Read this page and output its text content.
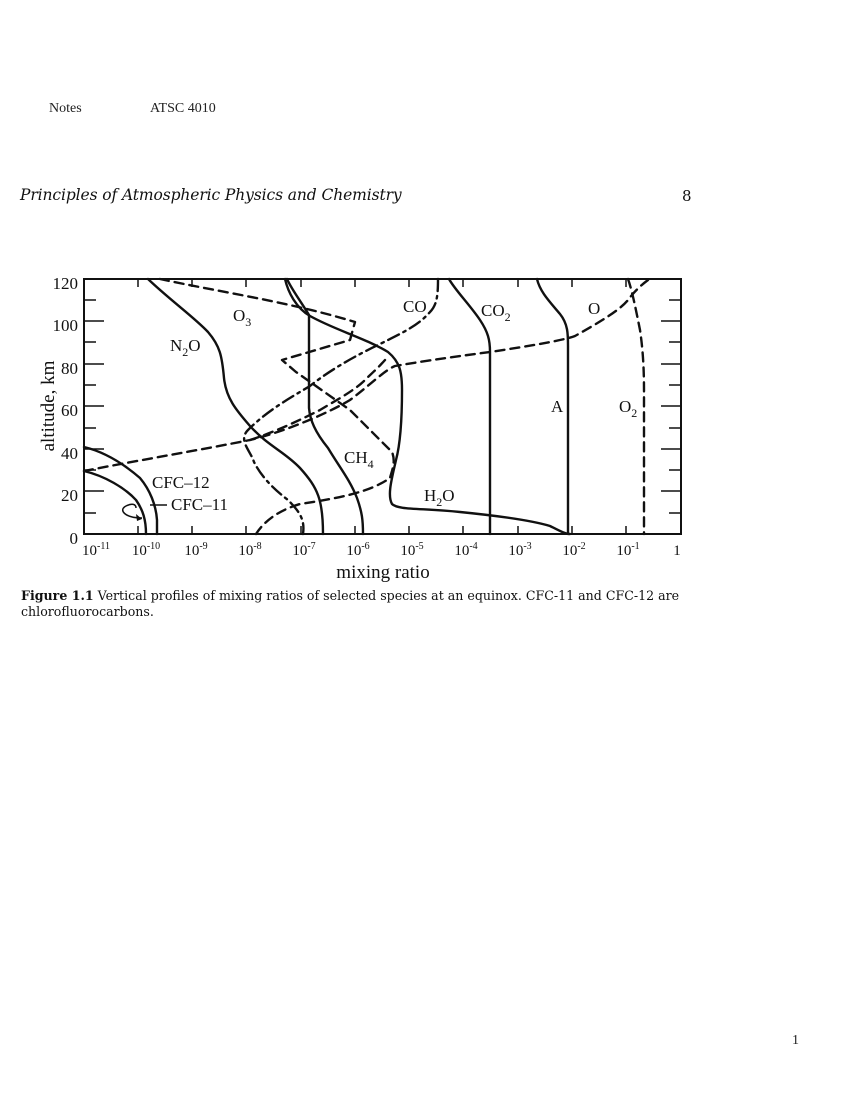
Notes	ATSC 4010
Principles of Atmospheric Physics and Chemistry	8
120
100
80
60
40
20
0
altitude, km
$10^{-11}$ $10^{-10}$ $10^{-9}$ $10^{-8}$ $10^{-7}$ $10^{-6}$ $10^{-5}$ $10^{-4}$ $10^{-3}$ $10^{-2}$ $10^{-1}$ 1
mixing ratio
$O_3$
$N_2O$
CO	$CO_2$	O
$CH_4$
$H_2O$
A	$O_2$
CFC–12
CFC–11
Figure 1.1 Vertical profiles of mixing ratios of selected species at an equinox. CFC-11 and CFC-12 are chlorofluorocarbons.
1
